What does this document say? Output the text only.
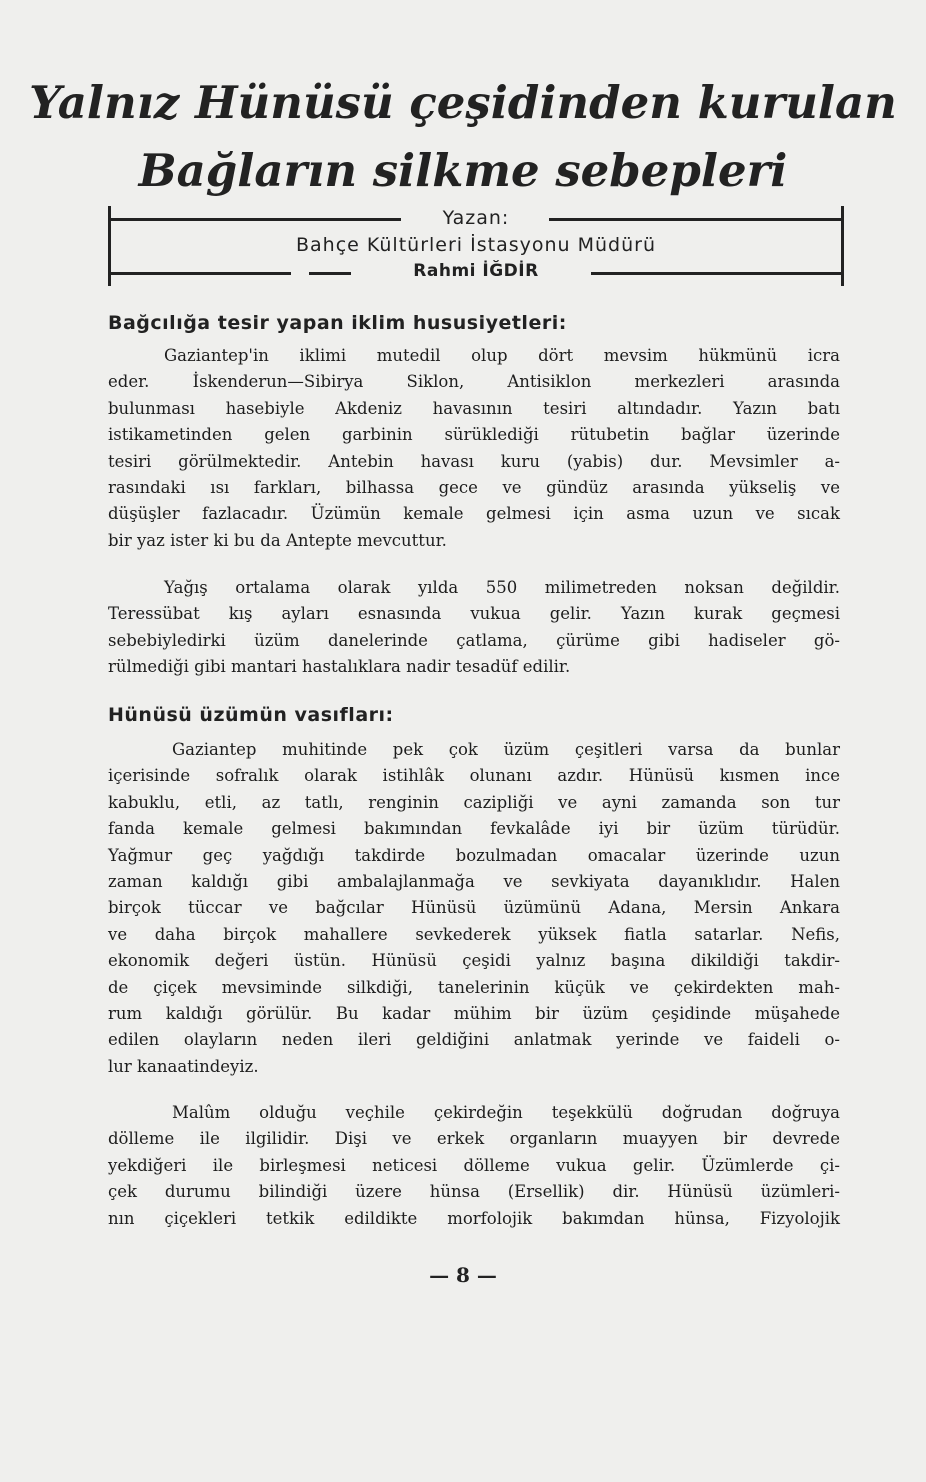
Yalnız Hünüsü çeşidinden kurulan
Bağların silkme sebepleri
Yazan:
Bahçe Kültürleri İstasyonu Müdürü
Rahmi İĞDİR
Bağcılığa tesir yapan iklim hususiyetleri:
Gaziantep'in iklimi mutedil olup dört mevsim hükmünü icra
eder. İskenderun—Sibirya Siklon, Antisiklon merkezleri arasında
bulunması hasebiyle Akdeniz havasının tesiri altındadır. Yazın batı
istikametinden gelen garbinin sürüklediği rütubetin bağlar üzerinde
tesiri görülmektedir. Antebin havası kuru (yabis) dur. Mevsimler a-
rasındaki ısı farkları, bilhassa gece ve gündüz arasında yükseliş ve
düşüşler fazlacadır. Üzümün kemale gelmesi için asma uzun ve sıcak
bir yaz ister ki bu da Antepte mevcuttur.
Yağış ortalama olarak yılda 550 milimetreden noksan değildir.
Teressübat kış ayları esnasında vukua gelir. Yazın kurak geçmesi
sebebiyledirki üzüm danelerinde çatlama, çürüme gibi hadiseler gö-
rülmediği gibi mantari hastalıklara nadir tesadüf edilir.
Hünüsü üzümün vasıfları:
Gaziantep muhitinde pek çok üzüm çeşitleri varsa da bunlar
içerisinde sofralık olarak istihlâk olunanı azdır. Hünüsü kısmen ince
kabuklu, etli, az tatlı, renginin cazipliği ve ayni zamanda son tur
fanda kemale gelmesi bakımından fevkalâde iyi bir üzüm türüdür.
Yağmur geç yağdığı takdirde bozulmadan omacalar üzerinde uzun
zaman kaldığı gibi ambalajlanmağa ve sevkiyata dayanıklıdır. Halen
birçok tüccar ve bağcılar Hünüsü üzümünü Adana, Mersin Ankara
ve daha birçok mahallere sevkederek yüksek fiatla satarlar. Nefis,
ekonomik değeri üstün. Hünüsü çeşidi yalnız başına dikildiği takdir-
de çiçek mevsiminde silkdiği, tanelerinin küçük ve çekirdekten mah-
rum kaldığı görülür. Bu kadar mühim bir üzüm çeşidinde müşahede
edilen olayların neden ileri geldiğini anlatmak yerinde ve faideli o-
lur kanaatindeyiz.
Malûm olduğu veçhile çekirdeğin teşekkülü doğrudan doğruya
dölleme ile ilgilidir. Dişi ve erkek organların muayyen bir devrede
yekdiğeri ile birleşmesi neticesi dölleme vukua gelir. Üzümlerde çi-
çek durumu bilindiği üzere hünsa (Ersellik) dir. Hünüsü üzümleri-
nın çiçekleri tetkik edildikte morfolojik bakımdan hünsa, Fizyolojik
— 8 —
